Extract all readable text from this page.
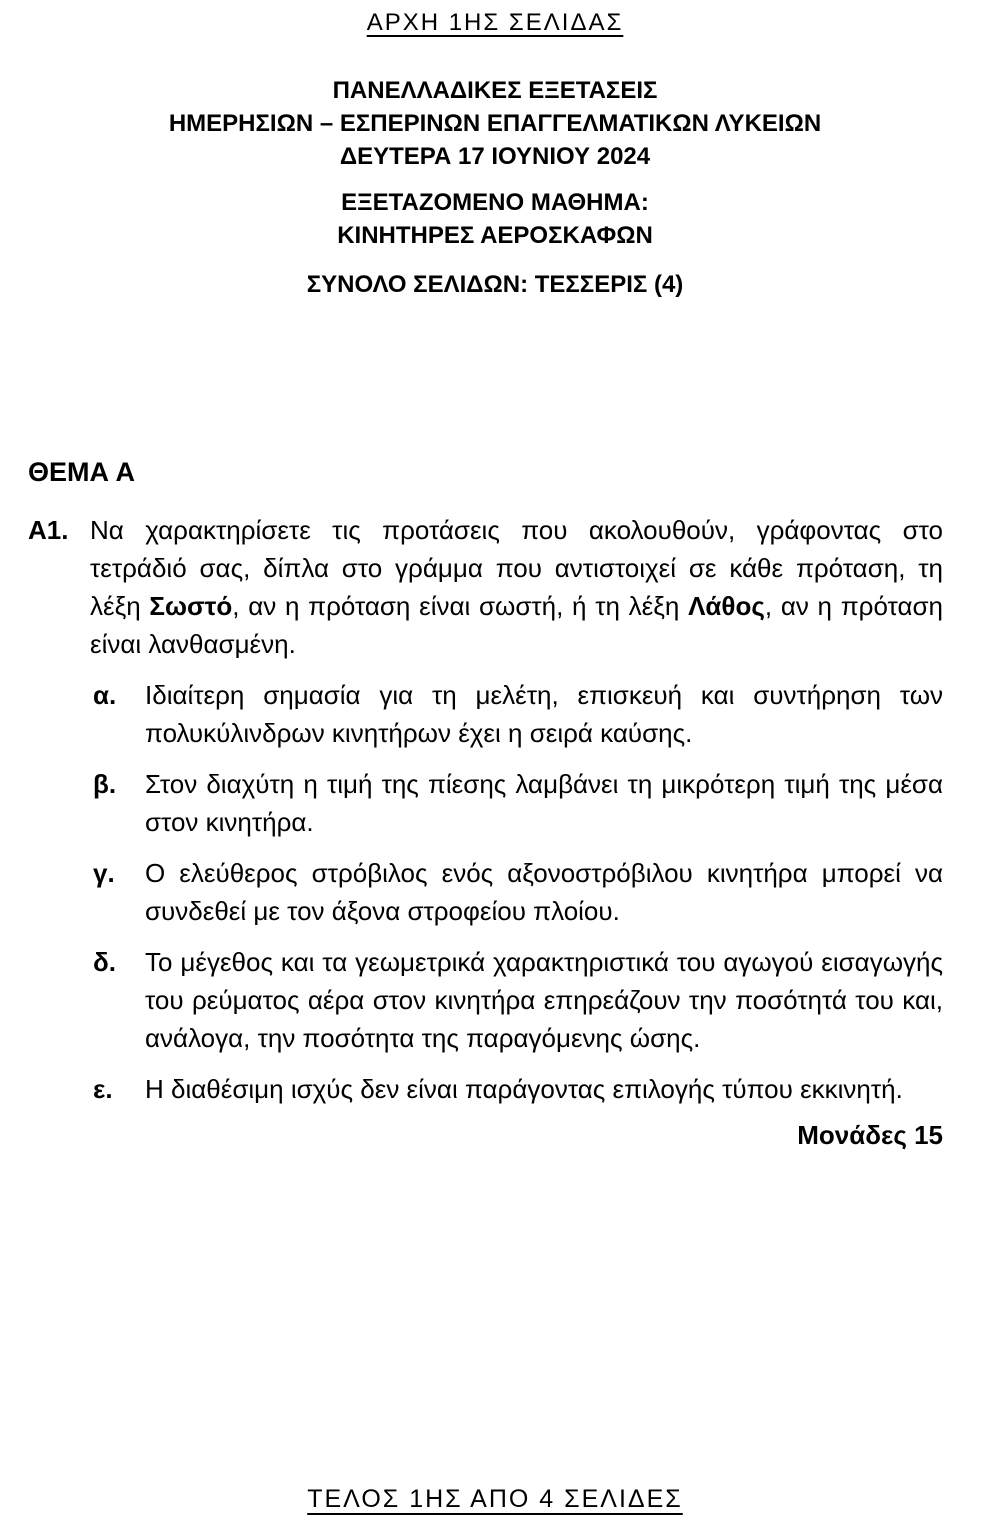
ΑΡΧΗ 1ΗΣ ΣΕΛΙΔΑΣ
ΠΑΝΕΛΛΑΔΙΚΕΣ ΕΞΕΤΑΣΕΙΣ
ΗΜΕΡΗΣΙΩΝ – ΕΣΠΕΡΙΝΩΝ ΕΠΑΓΓΕΛΜΑΤΙΚΩΝ ΛΥΚΕΙΩΝ
ΔΕΥΤΕΡΑ 17 ΙΟΥΝΙΟΥ 2024
ΕΞΕΤΑΖΟΜΕΝΟ ΜΑΘΗΜΑ:
ΚΙΝΗΤΗΡΕΣ ΑΕΡΟΣΚΑΦΩΝ
ΣΥΝΟΛΟ ΣΕΛΙΔΩΝ: ΤΕΣΣΕΡΙΣ (4)
ΘΕΜΑ Α
Α1. Να χαρακτηρίσετε τις προτάσεις που ακολουθούν, γράφοντας στο τετράδιό σας, δίπλα στο γράμμα που αντιστοιχεί σε κάθε πρόταση, τη λέξη Σωστό, αν η πρόταση είναι σωστή, ή τη λέξη Λάθος, αν η πρόταση είναι λανθασμένη.
α.	Ιδιαίτερη σημασία για τη μελέτη, επισκευή και συντήρηση των πολυκύλινδρων κινητήρων έχει η σειρά καύσης.
β.	Στον διαχύτη η τιμή της πίεσης λαμβάνει τη μικρότερη τιμή της μέσα στον κινητήρα.
γ.	Ο ελεύθερος στρόβιλος ενός αξονοστρόβιλου κινητήρα μπορεί να συνδεθεί με τον άξονα στροφείου πλοίου.
δ.	Το μέγεθος και τα γεωμετρικά χαρακτηριστικά του αγωγού εισαγωγής του ρεύματος αέρα στον κινητήρα επηρεάζουν την ποσότητά του και, ανάλογα, την ποσότητα της παραγόμενης ώσης.
ε.	Η διαθέσιμη ισχύς δεν είναι παράγοντας επιλογής τύπου εκκινητή.
Μονάδες 15
ΤΕΛΟΣ 1ΗΣ ΑΠΟ 4 ΣΕΛΙΔΕΣ
